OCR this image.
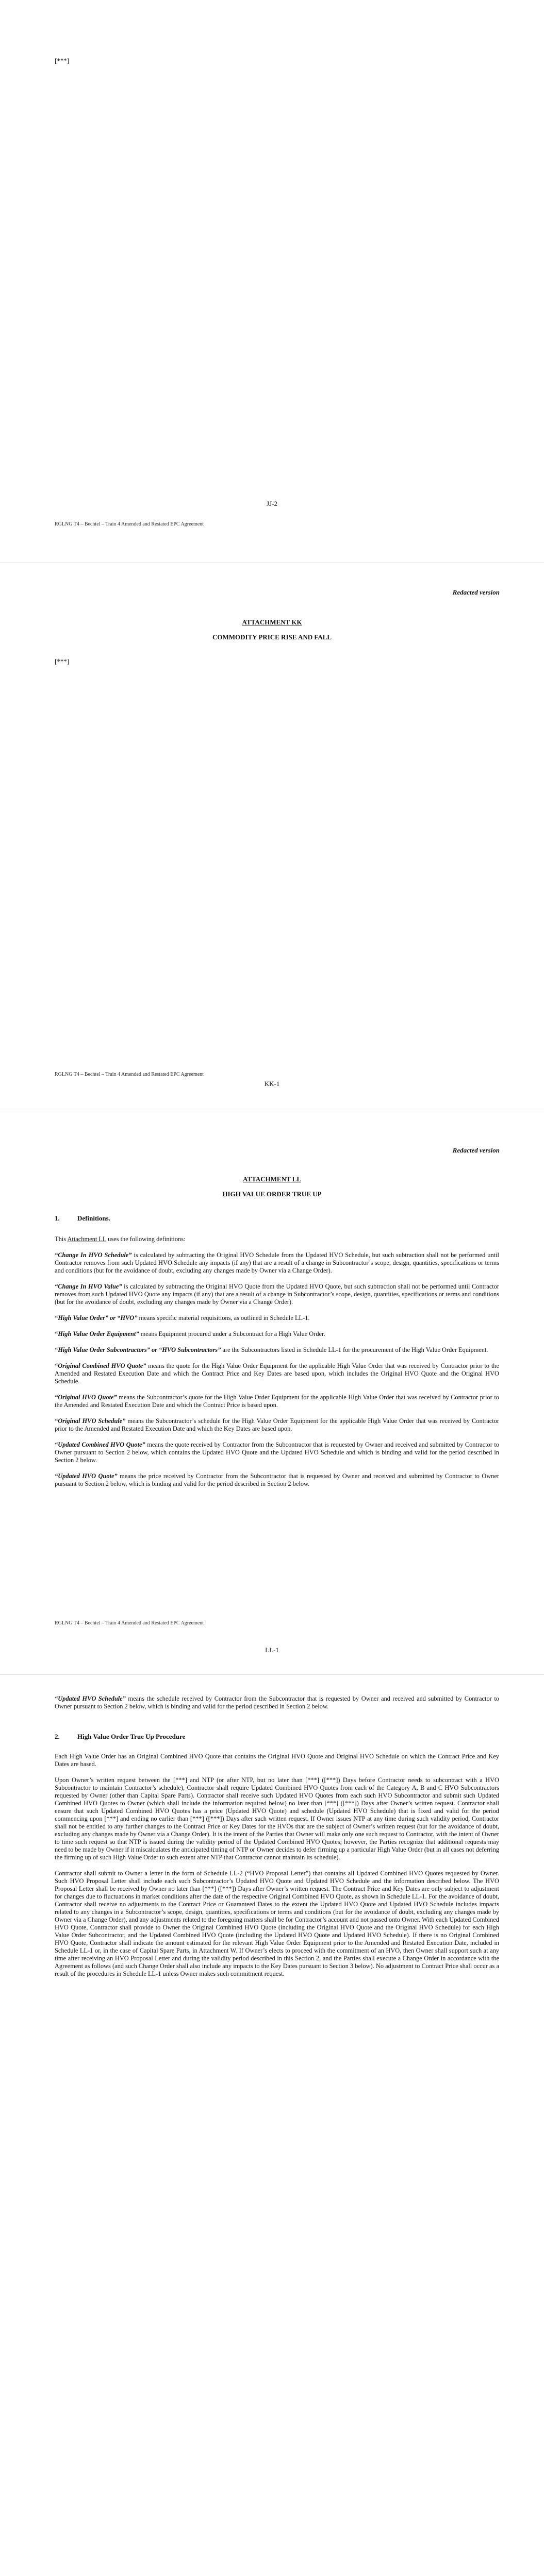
[***]
JJ-2
RGLNG T4 – Bechtel – Train 4 Amended and Restated EPC Agreement
Redacted version
ATTACHMENT KK
COMMODITY PRICE RISE AND FALL
[***]
RGLNG T4 – Bechtel – Train 4 Amended and Restated EPC Agreement
KK-1
Redacted version
ATTACHMENT LL
HIGH VALUE ORDER TRUE UP
1.	Definitions.

This Attachment LL uses the following definitions:

“Change In HVO Schedule” is calculated by subtracting the Original HVO Schedule from the Updated HVO Schedule, but such subtraction shall not be performed until Contractor removes from such Updated HVO Schedule any impacts (if any) that are a result of a change in Subcontractor’s scope, design, quantities, specifications or terms and conditions (but for the avoidance of doubt, excluding any changes made by Owner via a Change Order).

“Change In HVO Value” is calculated by subtracting the Original HVO Quote from the Updated HVO Quote, but such subtraction shall not be performed until Contractor removes from such Updated HVO Quote any impacts (if any) that are a result of a change in Subcontractor’s scope, design, quantities, specifications or terms and conditions (but for the avoidance of doubt, excluding any changes made by Owner via a Change Order).

“High Value Order” or “HVO” means specific material requisitions, as outlined in Schedule LL-1.

“High Value Order Equipment” means Equipment procured under a Subcontract for a High Value Order.

“High Value Order Subcontractors” or “HVO Subcontractors” are the Subcontractors listed in Schedule LL-1 for the procurement of the High Value Order Equipment.

“Original Combined HVO Quote” means the quote for the High Value Order Equipment for the applicable High Value Order that was received by Contractor prior to the Amended and Restated Execution Date and which the Contract Price and Key Dates are based upon, which includes the Original HVO Quote and the Original HVO Schedule.

“Original HVO Quote” means the Subcontractor’s quote for the High Value Order Equipment for the applicable High Value Order that was received by Contractor prior to the Amended and Restated Execution Date and which the Contract Price is based upon.

“Original HVO Schedule” means the Subcontractor’s schedule for the High Value Order Equipment for the applicable High Value Order that was received by Contractor prior to the Amended and Restated Execution Date and which the Key Dates are based upon.

“Updated Combined HVO Quote” means the quote received by Contractor from the Subcontractor that is requested by Owner and received and submitted by Contractor to Owner pursuant to Section 2 below, which contains the Updated HVO Quote and the Updated HVO Schedule and which is binding and valid for the period described in Section 2 below.

“Updated HVO Quote” means the price received by Contractor from the Subcontractor that is requested by Owner and received and submitted by Contractor to Owner pursuant to Section 2 below, which is binding and valid for the period described in Section 2 below.

RGLNG T4 – Bechtel – Train 4 Amended and Restated EPC Agreement
LL-1

“Updated HVO Schedule” means the schedule received by Contractor from the Subcontractor that is requested by Owner and received and submitted by Contractor to Owner pursuant to Section 2 below, which is binding and valid for the period described in Section 2 below.

2.	High Value Order True Up Procedure

Each High Value Order has an Original Combined HVO Quote that contains the Original HVO Quote and Original HVO Schedule on which the Contract Price and Key Dates are based.

Upon Owner’s written request between the [***] and NTP (or after NTP, but no later than [***] ([***]) Days before Contractor needs to subcontract with a HVO Subcontractor to maintain Contractor’s schedule), Contractor shall require Updated Combined HVO Quotes from each of the Category A, B and C HVO Subcontractors requested by Owner (other than Capital Spare Parts). Contractor shall receive such Updated HVO Quotes from each such HVO Subcontractor and submit such Updated Combined HVO Quotes to Owner (which shall include the information required below) no later than [***] ([***]) Days after Owner’s written request. Contractor shall ensure that such Updated Combined HVO Quotes has a price (Updated HVO Quote) and schedule (Updated HVO Schedule) that is fixed and valid for the period commencing upon [***] and ending no earlier than [***] ([***]) Days after such written request. If Owner issues NTP at any time during such validity period, Contractor shall not be entitled to any further changes to the Contract Price or Key Dates for the HVOs that are the subject of Owner’s written request (but for the avoidance of doubt, excluding any changes made by Owner via a Change Order). It is the intent of the Parties that Owner will make only one such request to Contractor, with the intent of Owner to time such request so that NTP is issued during the validity period of the Updated Combined HVO Quotes; however, the Parties recognize that additional requests may need to be made by Owner if it miscalculates the anticipated timing of NTP or Owner decides to defer firming up a particular High Value Order (but in all cases not deferring the firming up of such High Value Order to such extent after NTP that Contractor cannot maintain its schedule).

Contractor shall submit to Owner a letter in the form of Schedule LL-2 (“HVO Proposal Letter”) that contains all Updated Combined HVO Quotes requested by Owner. Such HVO Proposal Letter shall include each such Subcontractor’s Updated HVO Quote and Updated HVO Schedule and the information described below. The HVO Proposal Letter shall be received by Owner no later than [***] ([***]) Days after Owner’s written request. The Contract Price and Key Dates are only subject to adjustment for changes due to fluctuations in market conditions after the date of the respective Original Combined HVO Quote, as shown in Schedule LL-1. For the avoidance of doubt, Contractor shall receive no adjustments to the Contract Price or Guaranteed Dates to the extent the Updated HVO Quote and Updated HVO Schedule includes impacts related to any changes in a Subcontractor’s scope, design, quantities, specifications or terms and conditions (but for the avoidance of doubt, excluding any changes made by Owner via a Change Order), and any adjustments related to the foregoing matters shall be for Contractor’s account and not passed onto Owner. With each Updated Combined HVO Quote, Contractor shall provide to Owner the Original Combined HVO Quote (including the Original HVO Quote and the Original HVO Schedule) for each High Value Order Subcontractor, and the Updated Combined HVO Quote (including the Updated HVO Quote and Updated HVO Schedule). If there is no Original Combined HVO Quote, Contractor shall indicate the amount estimated for the relevant High Value Order Equipment prior to the Amended and Restated Execution Date, included in Schedule LL-1 or, in the case of Capital Spare Parts, in Attachment W. If Owner’s elects to proceed with the commitment of an HVO, then Owner shall support such at any time after receiving an HVO Proposal Letter and during the validity period described in this Section 2, and the Parties shall execute a Change Order in accordance with the Agreement as follows (and such Change Order shall also include any impacts to the Key Dates pursuant to Section 3 below). No adjustment to Contract Price shall occur as a result of the procedures in Schedule LL-1 unless Owner makes such commitment request.
